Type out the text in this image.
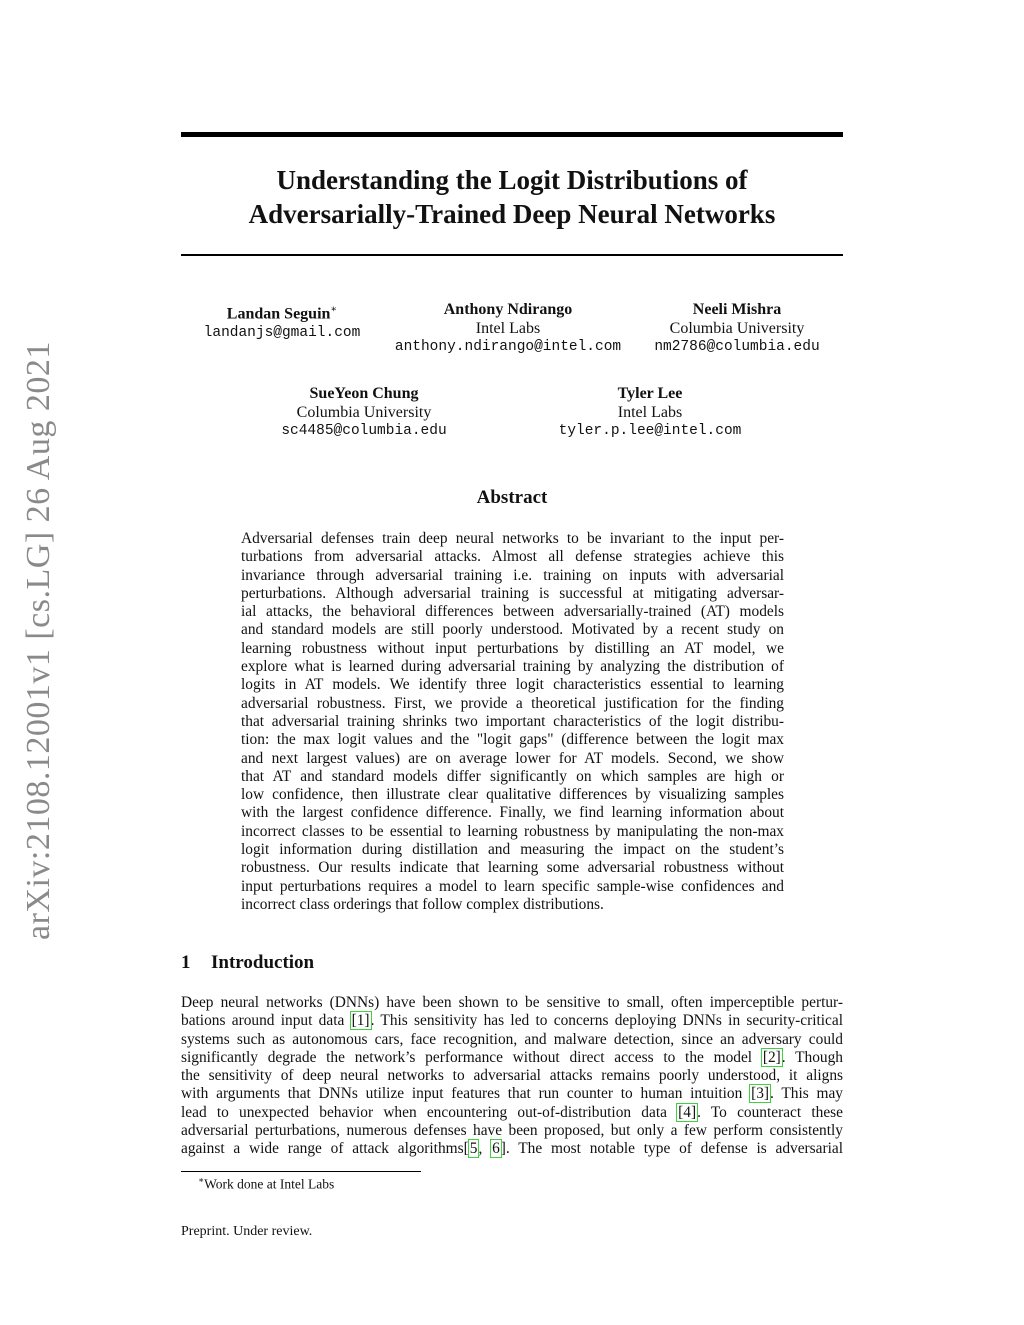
arXiv:2108.12001v1 [cs.LG] 26 Aug 2021
Understanding the Logit Distributions of
Adversarially-Trained Deep Neural Networks
Landan Seguin∗
landanjs@gmail.com
Anthony Ndirango
Intel Labs
anthony.ndirango@intel.com
Neeli Mishra
Columbia University
nm2786@columbia.edu
SueYeon Chung
Columbia University
sc4485@columbia.edu
Tyler Lee
Intel Labs
tyler.p.lee@intel.com
Abstract
Adversarial defenses train deep neural networks to be invariant to the input per-
turbations from adversarial attacks. Almost all defense strategies achieve this
invariance through adversarial training i.e. training on inputs with adversarial
perturbations. Although adversarial training is successful at mitigating adversar-
ial attacks, the behavioral differences between adversarially-trained (AT) models
and standard models are still poorly understood. Motivated by a recent study on
learning robustness without input perturbations by distilling an AT model, we
explore what is learned during adversarial training by analyzing the distribution of
logits in AT models. We identify three logit characteristics essential to learning
adversarial robustness. First, we provide a theoretical justification for the finding
that adversarial training shrinks two important characteristics of the logit distribu-
tion: the max logit values and the "logit gaps" (difference between the logit max
and next largest values) are on average lower for AT models. Second, we show
that AT and standard models differ significantly on which samples are high or
low confidence, then illustrate clear qualitative differences by visualizing samples
with the largest confidence difference. Finally, we find learning information about
incorrect classes to be essential to learning robustness by manipulating the non-max
logit information during distillation and measuring the impact on the student’s
robustness. Our results indicate that learning some adversarial robustness without
input perturbations requires a model to learn specific sample-wise confidences and
incorrect class orderings that follow complex distributions.
1 Introduction
Deep neural networks (DNNs) have been shown to be sensitive to small, often imperceptible pertur-
bations around input data [1]. This sensitivity has led to concerns deploying DNNs in security-critical
systems such as autonomous cars, face recognition, and malware detection, since an adversary could
significantly degrade the network’s performance without direct access to the model [2]. Though
the sensitivity of deep neural networks to adversarial attacks remains poorly understood, it aligns
with arguments that DNNs utilize input features that run counter to human intuition [3]. This may
lead to unexpected behavior when encountering out-of-distribution data [4]. To counteract these
adversarial perturbations, numerous defenses have been proposed, but only a few perform consistently
against a wide range of attack algorithms[5, 6]. The most notable type of defense is adversarial
∗Work done at Intel Labs
Preprint. Under review.
